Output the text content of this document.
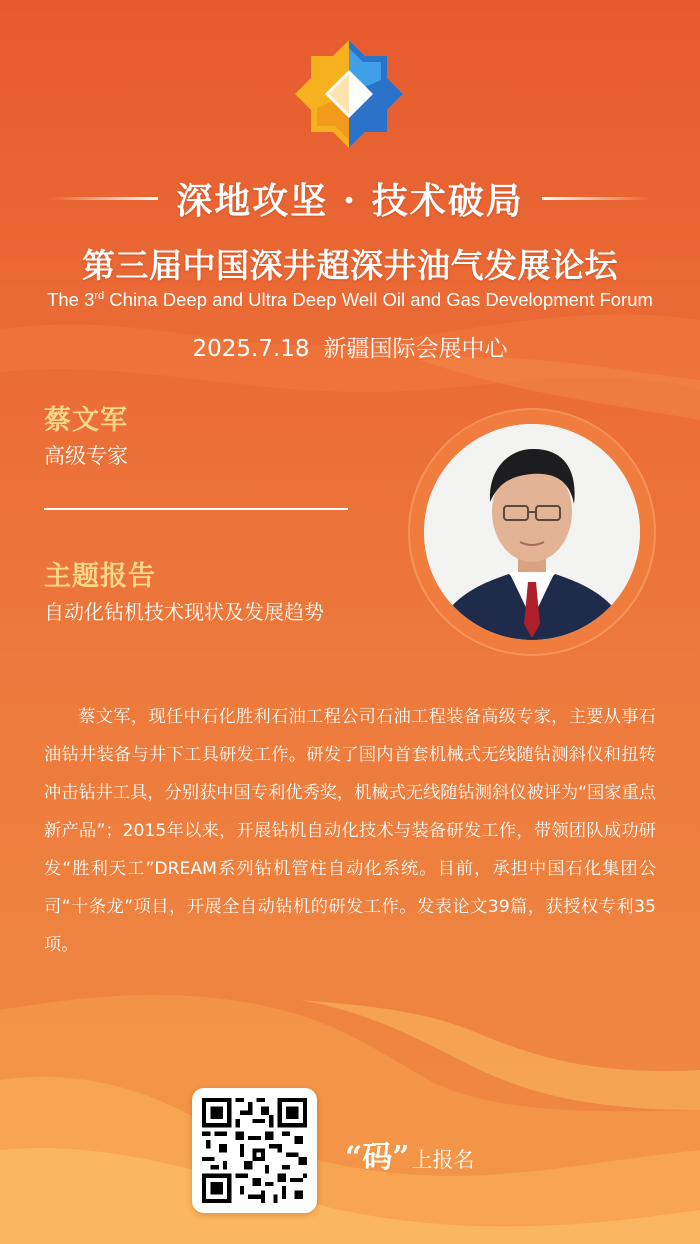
深地攻坚 · 技术破局
第三届中国深井超深井油气发展论坛
The 3rd China Deep and Ultra Deep Well Oil and Gas Development Forum
2025.7.18 新疆国际会展中心
蔡文军
高级专家
主题报告
自动化钻机技术现状及发展趋势

蔡文军，现任中石化胜利石油工程公司石油工程装备高级专家，主要从事石油钻井装备与井下工具研发工作。研发了国内首套机械式无线随钻测斜仪和扭转冲击钻井工具，分别获中国专利优秀奖，机械式无线随钻测斜仪被评为“国家重点新产品”；2015年以来，开展钻机自动化技术与装备研发工作，带领团队成功研发“胜利天工”DREAM系列钻机管柱自动化系统。目前，承担中国石化集团公司“十条龙”项目，开展全自动钻机的研发工作。发表论文39篇，获授权专利35项。

“码”上报名
